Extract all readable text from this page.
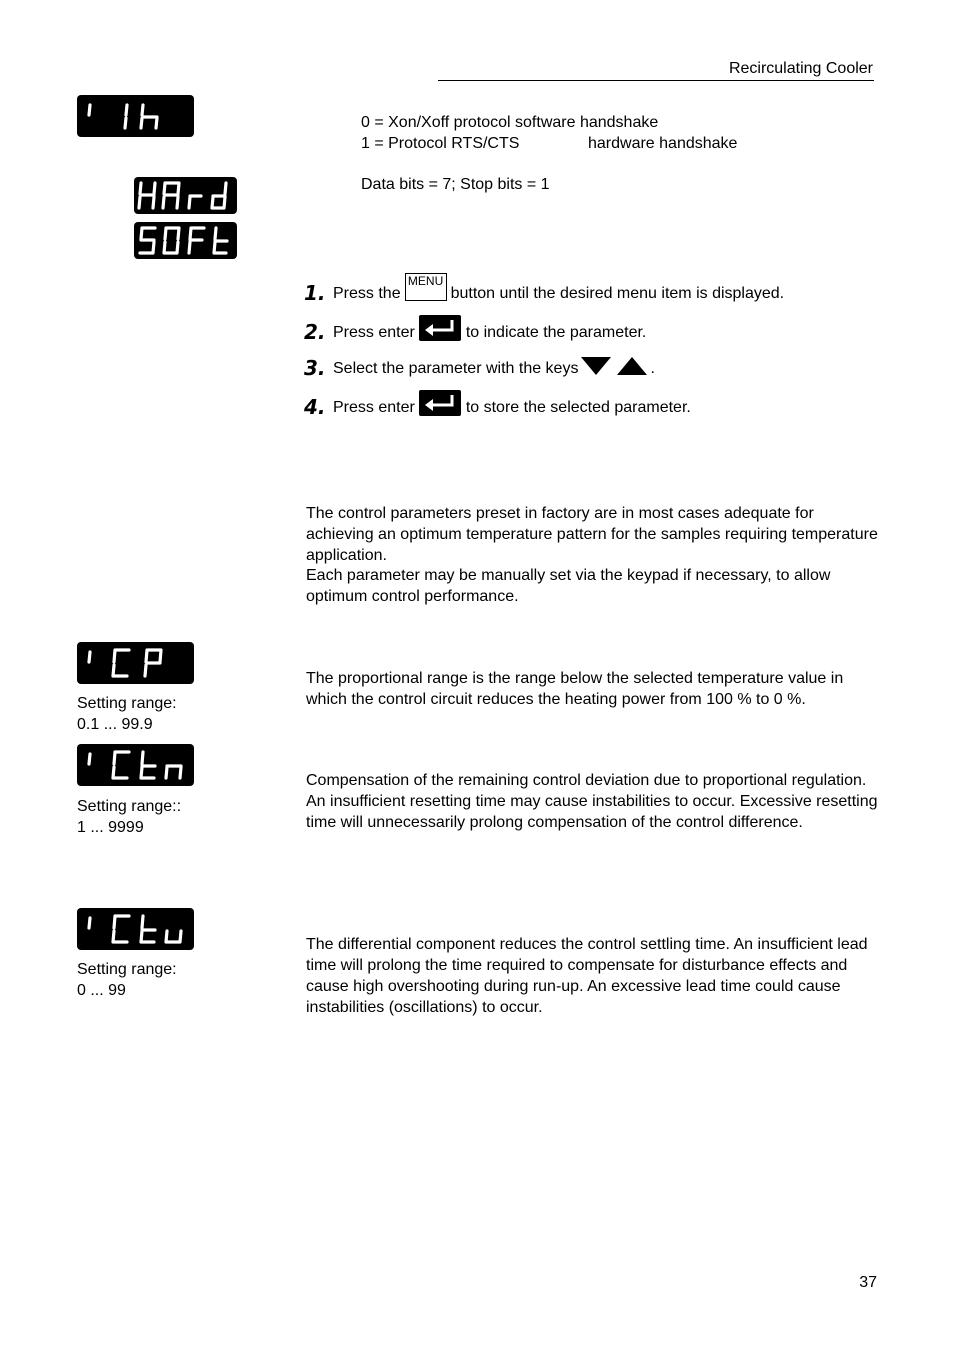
Recirculating Cooler
0 = Xon/Xoff protocol software handshake
1 = Protocol RTS/CTS	hardware handshake
Data bits = 7; Stop bits = 1
1. Press the
MENU
button until the desired menu item is displayed.
2. Press enter	to indicate the parameter.
3. Select the parameter with the keys	.
4. Press enter	to store the selected parameter.
The control parameters preset in factory are in most cases adequate for achieving an optimum temperature pattern for the samples requiring temperature application.
Each parameter may be manually set via the keypad if necessary, to allow optimum control performance.
Setting range:
0.1 ... 99.9
The proportional range is the range below the selected temperature value in which the control circuit reduces the heating power from 100 % to 0 %.
Setting range::
1 ... 9999
Compensation of the remaining control deviation due to proportional regulation. An insufficient resetting time may cause instabilities to occur. Excessive resetting time will unnecessarily prolong compensation of the control difference.
Setting range:
0 ... 99
The differential component reduces the control settling time. An insufficient lead time will prolong the time required to compensate for disturbance effects and cause high overshooting during run-up. An excessive lead time could cause instabilities (oscillations) to occur.
37
